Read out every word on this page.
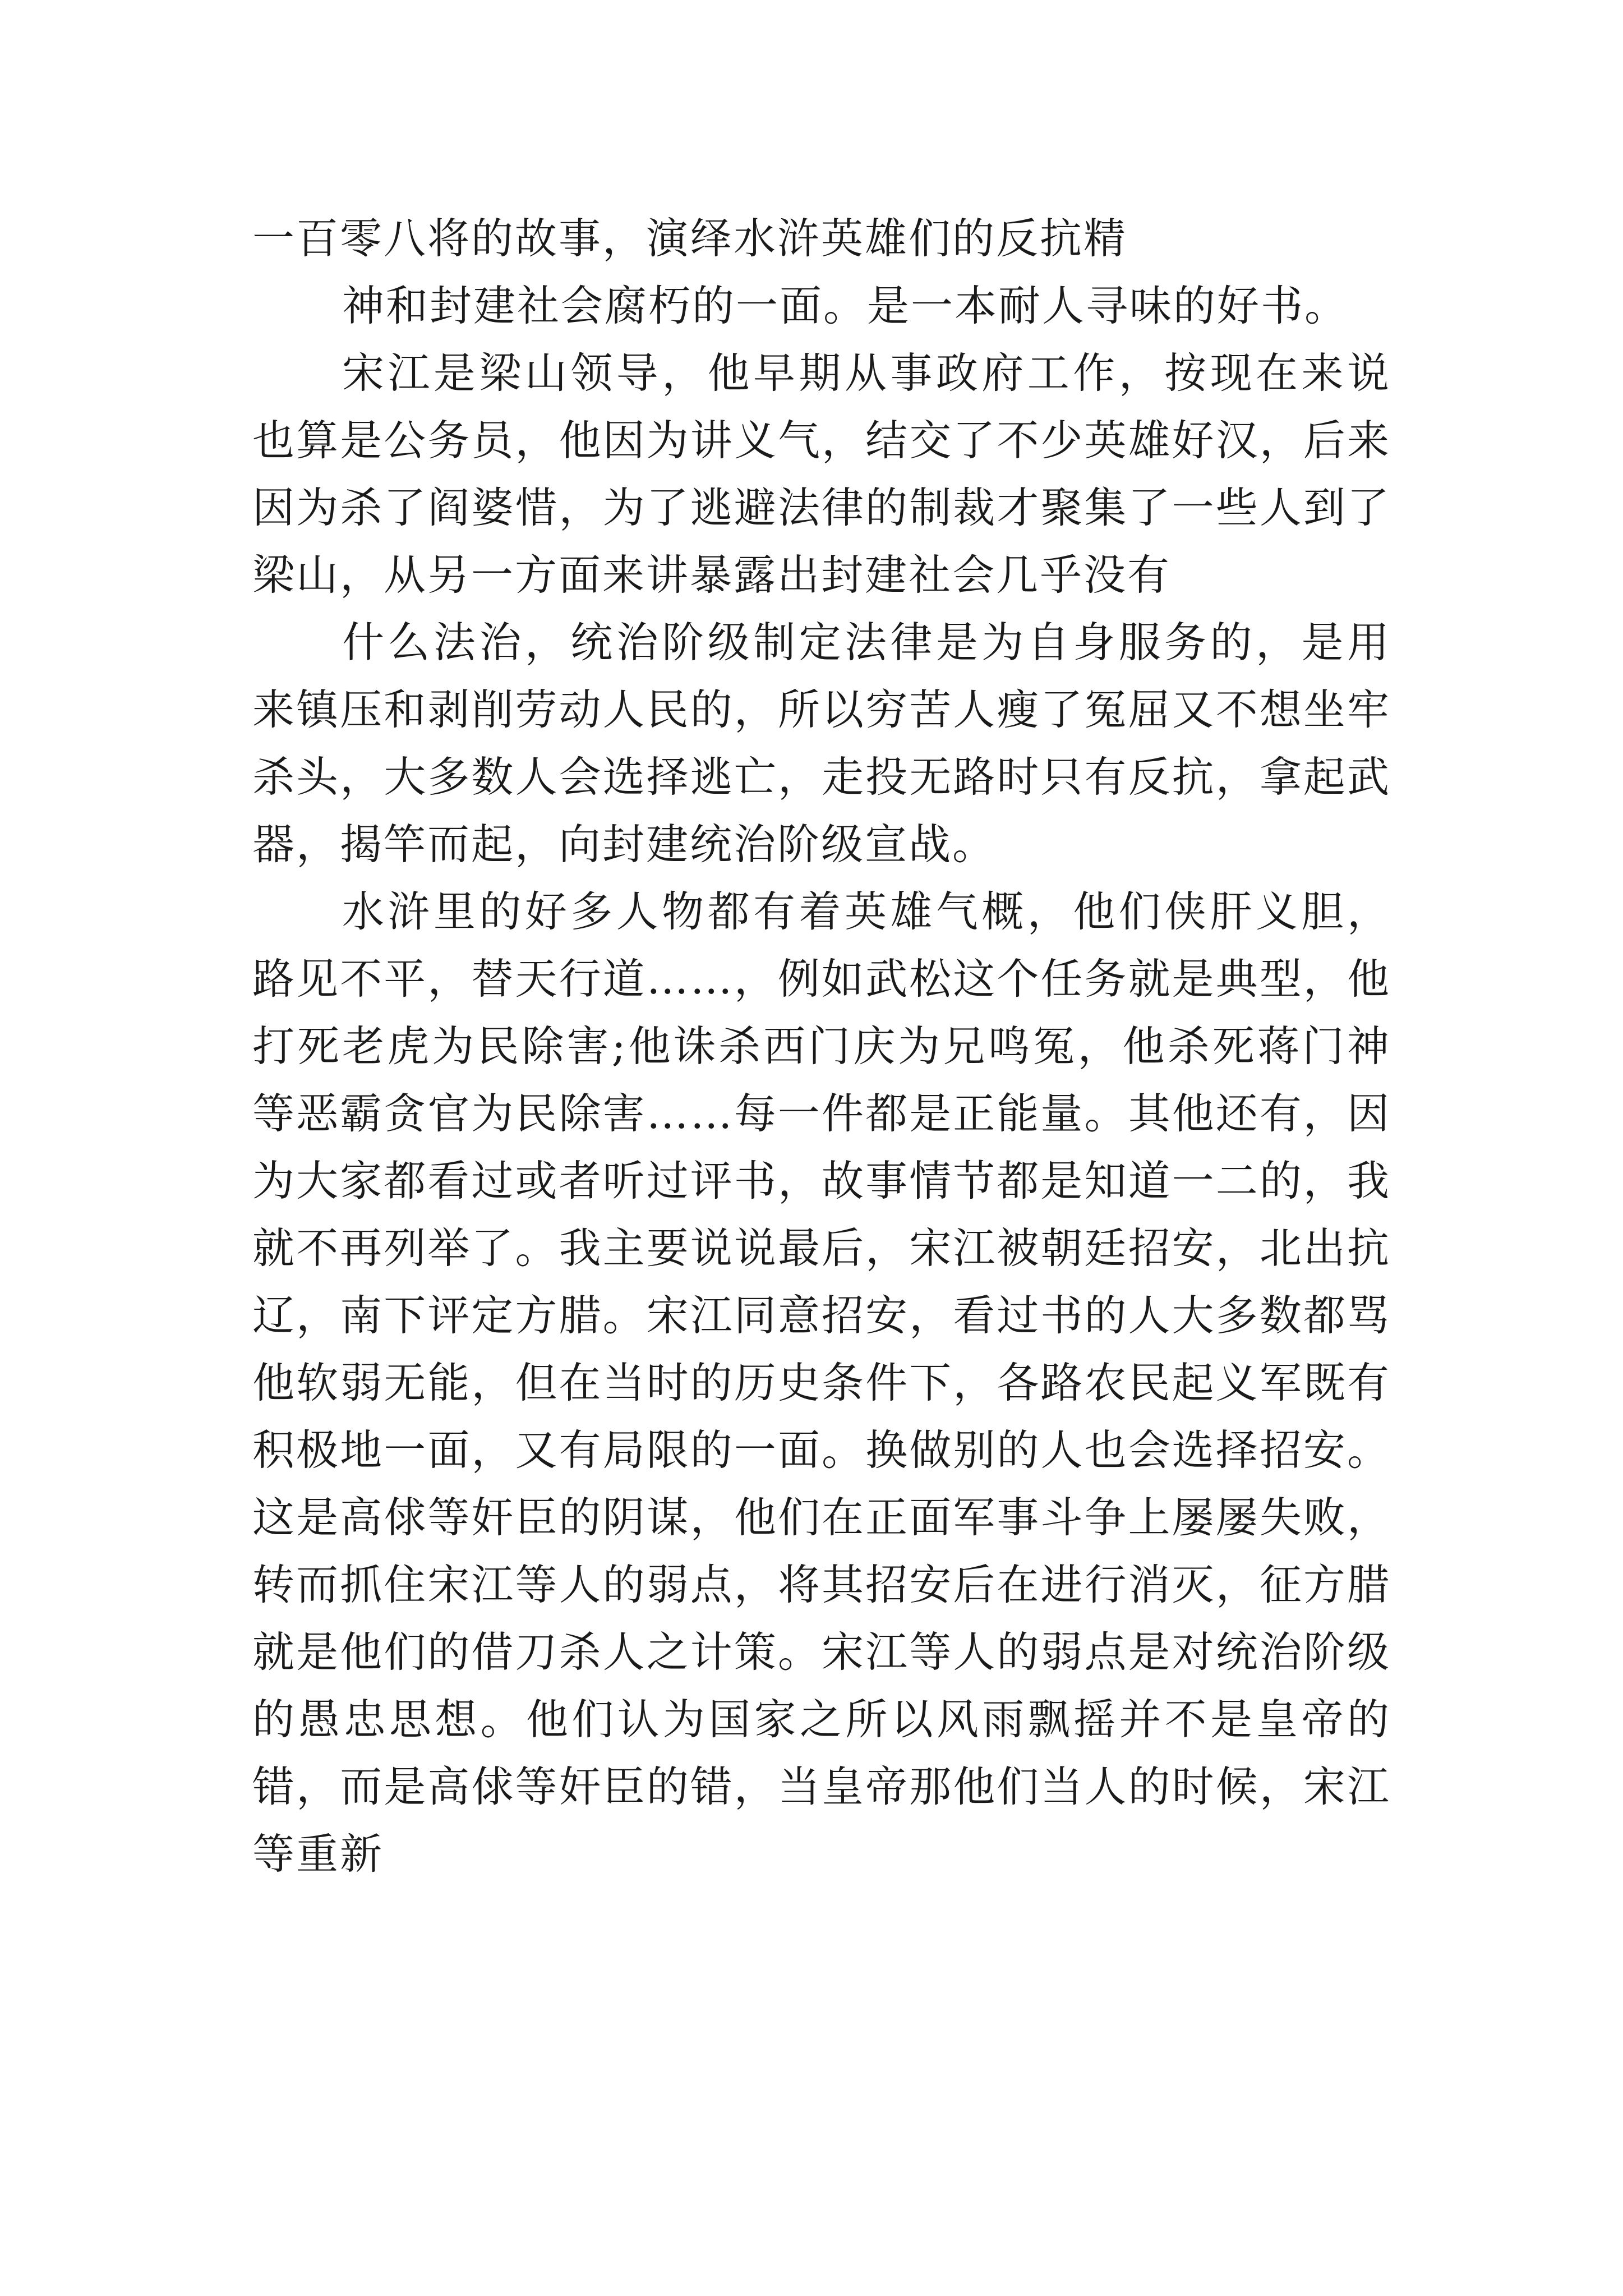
一百零八将的故事，演绎水浒英雄们的反抗精

神和封建社会腐朽的一面。是一本耐人寻味的好书。

宋江是梁山领导，他早期从事政府工作，按现在来说也算是公务员，他因为讲义气，结交了不少英雄好汉，后来因为杀了阎婆惜，为了逃避法律的制裁才聚集了一些人到了梁山，从另一方面来讲暴露出封建社会几乎没有

什么法治，统治阶级制定法律是为自身服务的，是用来镇压和剥削劳动人民的，所以穷苦人瘦了冤屈又不想坐牢杀头，大多数人会选择逃亡，走投无路时只有反抗，拿起武器，揭竿而起，向封建统治阶级宣战。

水浒里的好多人物都有着英雄气概，他们侠肝义胆，路见不平，替天行道……，例如武松这个任务就是典型，他打死老虎为民除害;他诛杀西门庆为兄鸣冤，他杀死蒋门神等恶霸贪官为民除害……每一件都是正能量。其他还有，因为大家都看过或者听过评书，故事情节都是知道一二的，我就不再列举了。我主要说说最后，宋江被朝廷招安，北出抗辽，南下评定方腊。宋江同意招安，看过书的人大多数都骂他软弱无能，但在当时的历史条件下，各路农民起义军既有积极地一面，又有局限的一面。换做别的人也会选择招安。这是高俅等奸臣的阴谋，他们在正面军事斗争上屡屡失败，转而抓住宋江等人的弱点，将其招安后在进行消灭，征方腊就是他们的借刀杀人之计策。宋江等人的弱点是对统治阶级的愚忠思想。他们认为国家之所以风雨飘摇并不是皇帝的错，而是高俅等奸臣的错，当皇帝那他们当人的时候，宋江等重新
